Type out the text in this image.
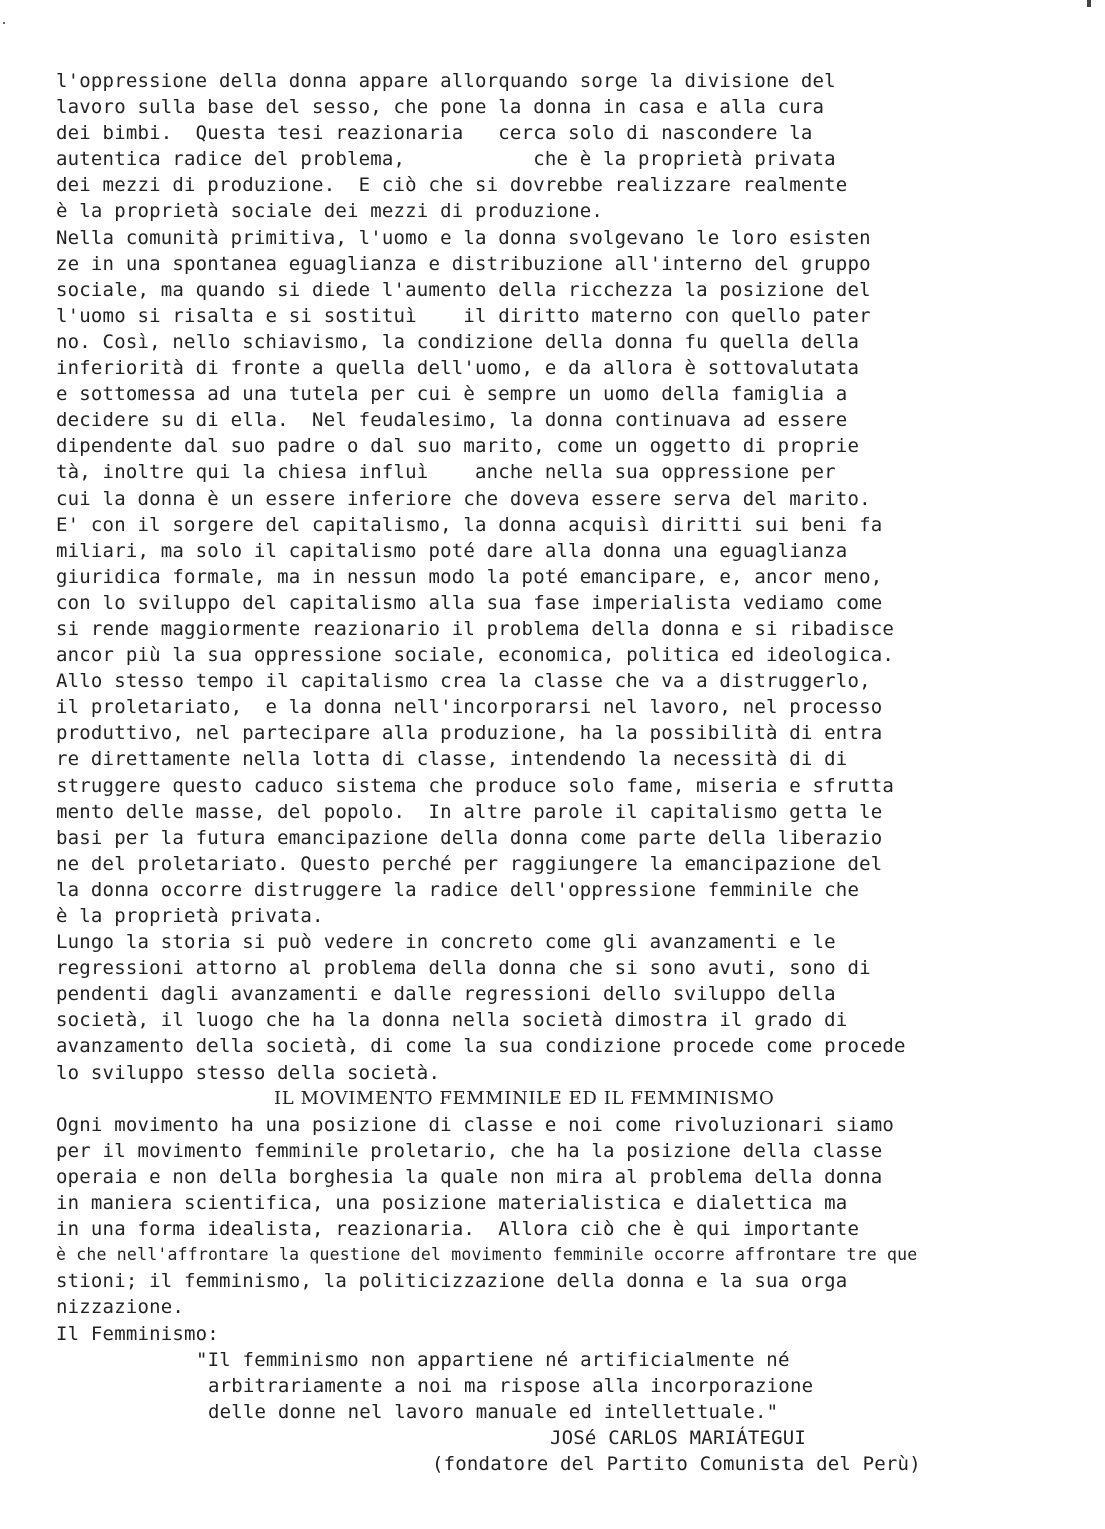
l'oppressione della donna appare allorquando sorge la divisione del
lavoro sulla base del sesso, che pone la donna in casa e alla cura
dei bimbi.  Questa tesi reazionaria   cerca solo di nascondere la
autentica radice del problema,           che è la proprietà privata
dei mezzi di produzione.  E ciò che si dovrebbe realizzare realmente
è la proprietà sociale dei mezzi di produzione.
Nella comunità primitiva, l'uomo e la donna svolgevano le loro esisten
ze in una spontanea eguaglianza e distribuzione all'interno del gruppo
sociale, ma quando si diede l'aumento della ricchezza la posizione del
l'uomo si risalta e si sostituì    il diritto materno con quello pater
no. Così, nello schiavismo, la condizione della donna fu quella della
inferiorità di fronte a quella dell'uomo, e da allora è sottovalutata
e sottomessa ad una tutela per cui è sempre un uomo della famiglia a
decidere su di ella.  Nel feudalesimo, la donna continuava ad essere
dipendente dal suo padre o dal suo marito, come un oggetto di proprie
tà, inoltre qui la chiesa influì    anche nella sua oppressione per
cui la donna è un essere inferiore che doveva essere serva del marito.
E' con il sorgere del capitalismo, la donna acquisì diritti sui beni fa
miliari, ma solo il capitalismo poté dare alla donna una eguaglianza
giuridica formale, ma in nessun modo la poté emancipare, e, ancor meno,
con lo sviluppo del capitalismo alla sua fase imperialista vediamo come
si rende maggiormente reazionario il problema della donna e si ribadisce
ancor più la sua oppressione sociale, economica, politica ed ideologica.
Allo stesso tempo il capitalismo crea la classe che va a distruggerlo,
il proletariato,  e la donna nell'incorporarsi nel lavoro, nel processo
produttivo, nel partecipare alla produzione, ha la possibilità di entra
re direttamente nella lotta di classe, intendendo la necessità di di
struggere questo caduco sistema che produce solo fame, miseria e sfrutta
mento delle masse, del popolo.  In altre parole il capitalismo getta le
basi per la futura emancipazione della donna come parte della liberazio
ne del proletariato. Questo perché per raggiungere la emancipazione del
la donna occorre distruggere la radice dell'oppressione femminile che
è la proprietà privata.
Lungo la storia si può vedere in concreto come gli avanzamenti e le
regressioni attorno al problema della donna che si sono avuti, sono di
pendenti dagli avanzamenti e dalle regressioni dello sviluppo della
società, il luogo che ha la donna nella società dimostra il grado di
avanzamento della società, di come la sua condizione procede come procede
lo sviluppo stesso della società.
IL MOVIMENTO FEMMINILE ED IL FEMMINISMO
Ogni movimento ha una posizione di classe e noi come rivoluzionari siamo
per il movimento femminile proletario, che ha la posizione della classe
operaia e non della borghesia la quale non mira al problema della donna
in maniera scientifica, una posizione materialistica e dialettica ma
in una forma idealista, reazionaria.  Allora ciò che è qui importante
è che nell'affrontare la questione del movimento femminile occorre affrontare tre que
stioni; il femminismo, la politicizzazione della donna e la sua orga
nizzazione.
Il Femminismo:
"Il femminismo non appartiene né artificialmente né
arbitrariamente a noi ma rispose alla incorporazione
delle donne nel lavoro manuale ed intellettuale."
JOSé CARLOS MARIÁTEGUI
(fondatore del Partito Comunista del Perù)
